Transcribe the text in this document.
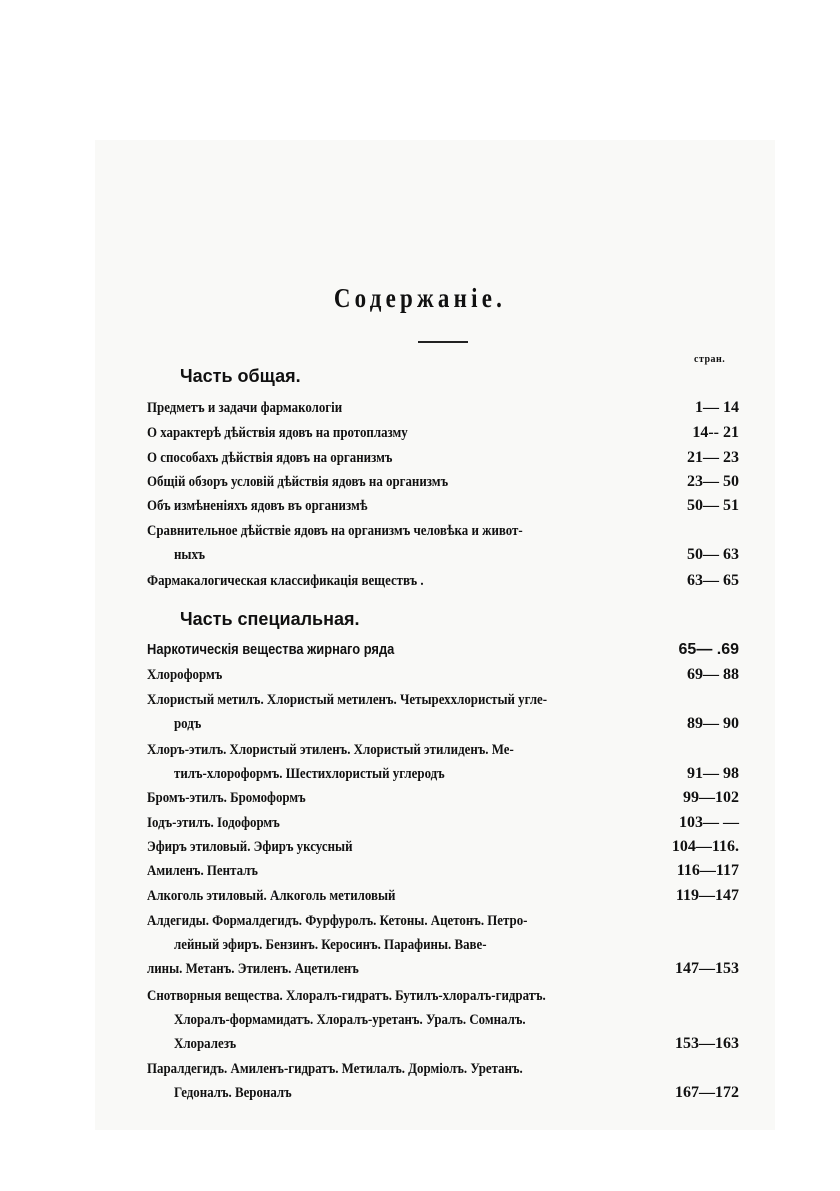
Содержаніе.
стран.
Часть общая.
Предметъ и задачи фармакологіи	1— 14
О характерѣ дѣйствія ядовъ на протоплазму	14-- 21
О способахъ дѣйствія ядовъ на организмъ	21— 23
Общій обзоръ условій дѣйствія ядовъ на организмъ	23— 50
Объ измѣненіяхъ ядовъ въ организмѣ	50— 51
Сравнительное дѣйствіе ядовъ на организмъ человѣка и живот-
ныхъ	50— 63
Фармакалогическая классификація веществъ .	63— 65
Часть специальная.
Наркотическія вещества жирнаго ряда	65— .69
Хлороформъ	69— 88
Хлористый метилъ. Хлористый метиленъ. Четыреххлористый угле-
родъ	89— 90
Хлоръ-этилъ. Хлористый этиленъ. Хлористый этилиденъ. Ме-
тилъ-хлороформъ. Шестихлористый углеродъ	91— 98
Бромъ-этилъ. Бромоформъ	99—102
Іодъ-этилъ. Іодоформъ	103— —
Эфиръ этиловый. Эфиръ уксусный	104—116.
Амиленъ. Пенталъ	116—117
Алкоголь этиловый. Алкоголь метиловый	119—147
Алдегиды. Формалдегидъ. Фурфуролъ. Кетоны. Ацетонъ. Петро-
лейный эфиръ. Бензинъ. Керосинъ. Парафины. Ваве-
лины. Метанъ. Этиленъ. Ацетиленъ	147—153
Снотворныя вещества. Хлоралъ-гидратъ. Бутилъ-хлоралъ-гидратъ.
Хлоралъ-формамидатъ. Хлоралъ-уретанъ. Уралъ. Сомналъ.
Хлоралезъ	153—163
Паралдегидъ. Амиленъ-гидратъ. Метилалъ. Дорміолъ. Уретанъ.
Гедоналъ. Вероналъ	167—172
